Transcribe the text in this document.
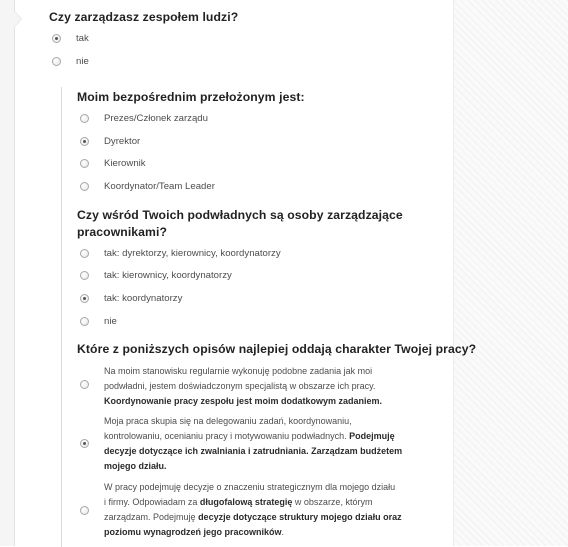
Czy zarządzasz zespołem ludzi?
tak
nie
Moim bezpośrednim przełożonym jest:
Prezes/Członek zarządu
Dyrektor
Kierownik
Koordynator/Team Leader
Czy wśród Twoich podwładnych są osoby zarządzające
pracownikami?
tak: dyrektorzy, kierownicy, koordynatorzy
tak: kierownicy, koordynatorzy
tak: koordynatorzy
nie
Które z poniższych opisów najlepiej oddają charakter Twojej pracy?
Na moim stanowisku regularnie wykonuję podobne zadania jak moi
podwładni, jestem doświadczonym specjalistą w obszarze ich pracy.
Koordynowanie pracy zespołu jest moim dodatkowym zadaniem.
Moja praca skupia się na delegowaniu zadań, koordynowaniu,
kontrolowaniu, ocenianiu pracy i motywowaniu podwładnych. Podejmuję
decyzje dotyczące ich zwalniania i zatrudniania. Zarządzam budżetem
mojego działu.
W pracy podejmuję decyzje o znaczeniu strategicznym dla mojego działu
i firmy. Odpowiadam za długofalową strategię w obszarze, którym
zarządzam. Podejmuję decyzje dotyczące struktury mojego działu oraz
poziomu wynagrodzeń jego pracowników.
